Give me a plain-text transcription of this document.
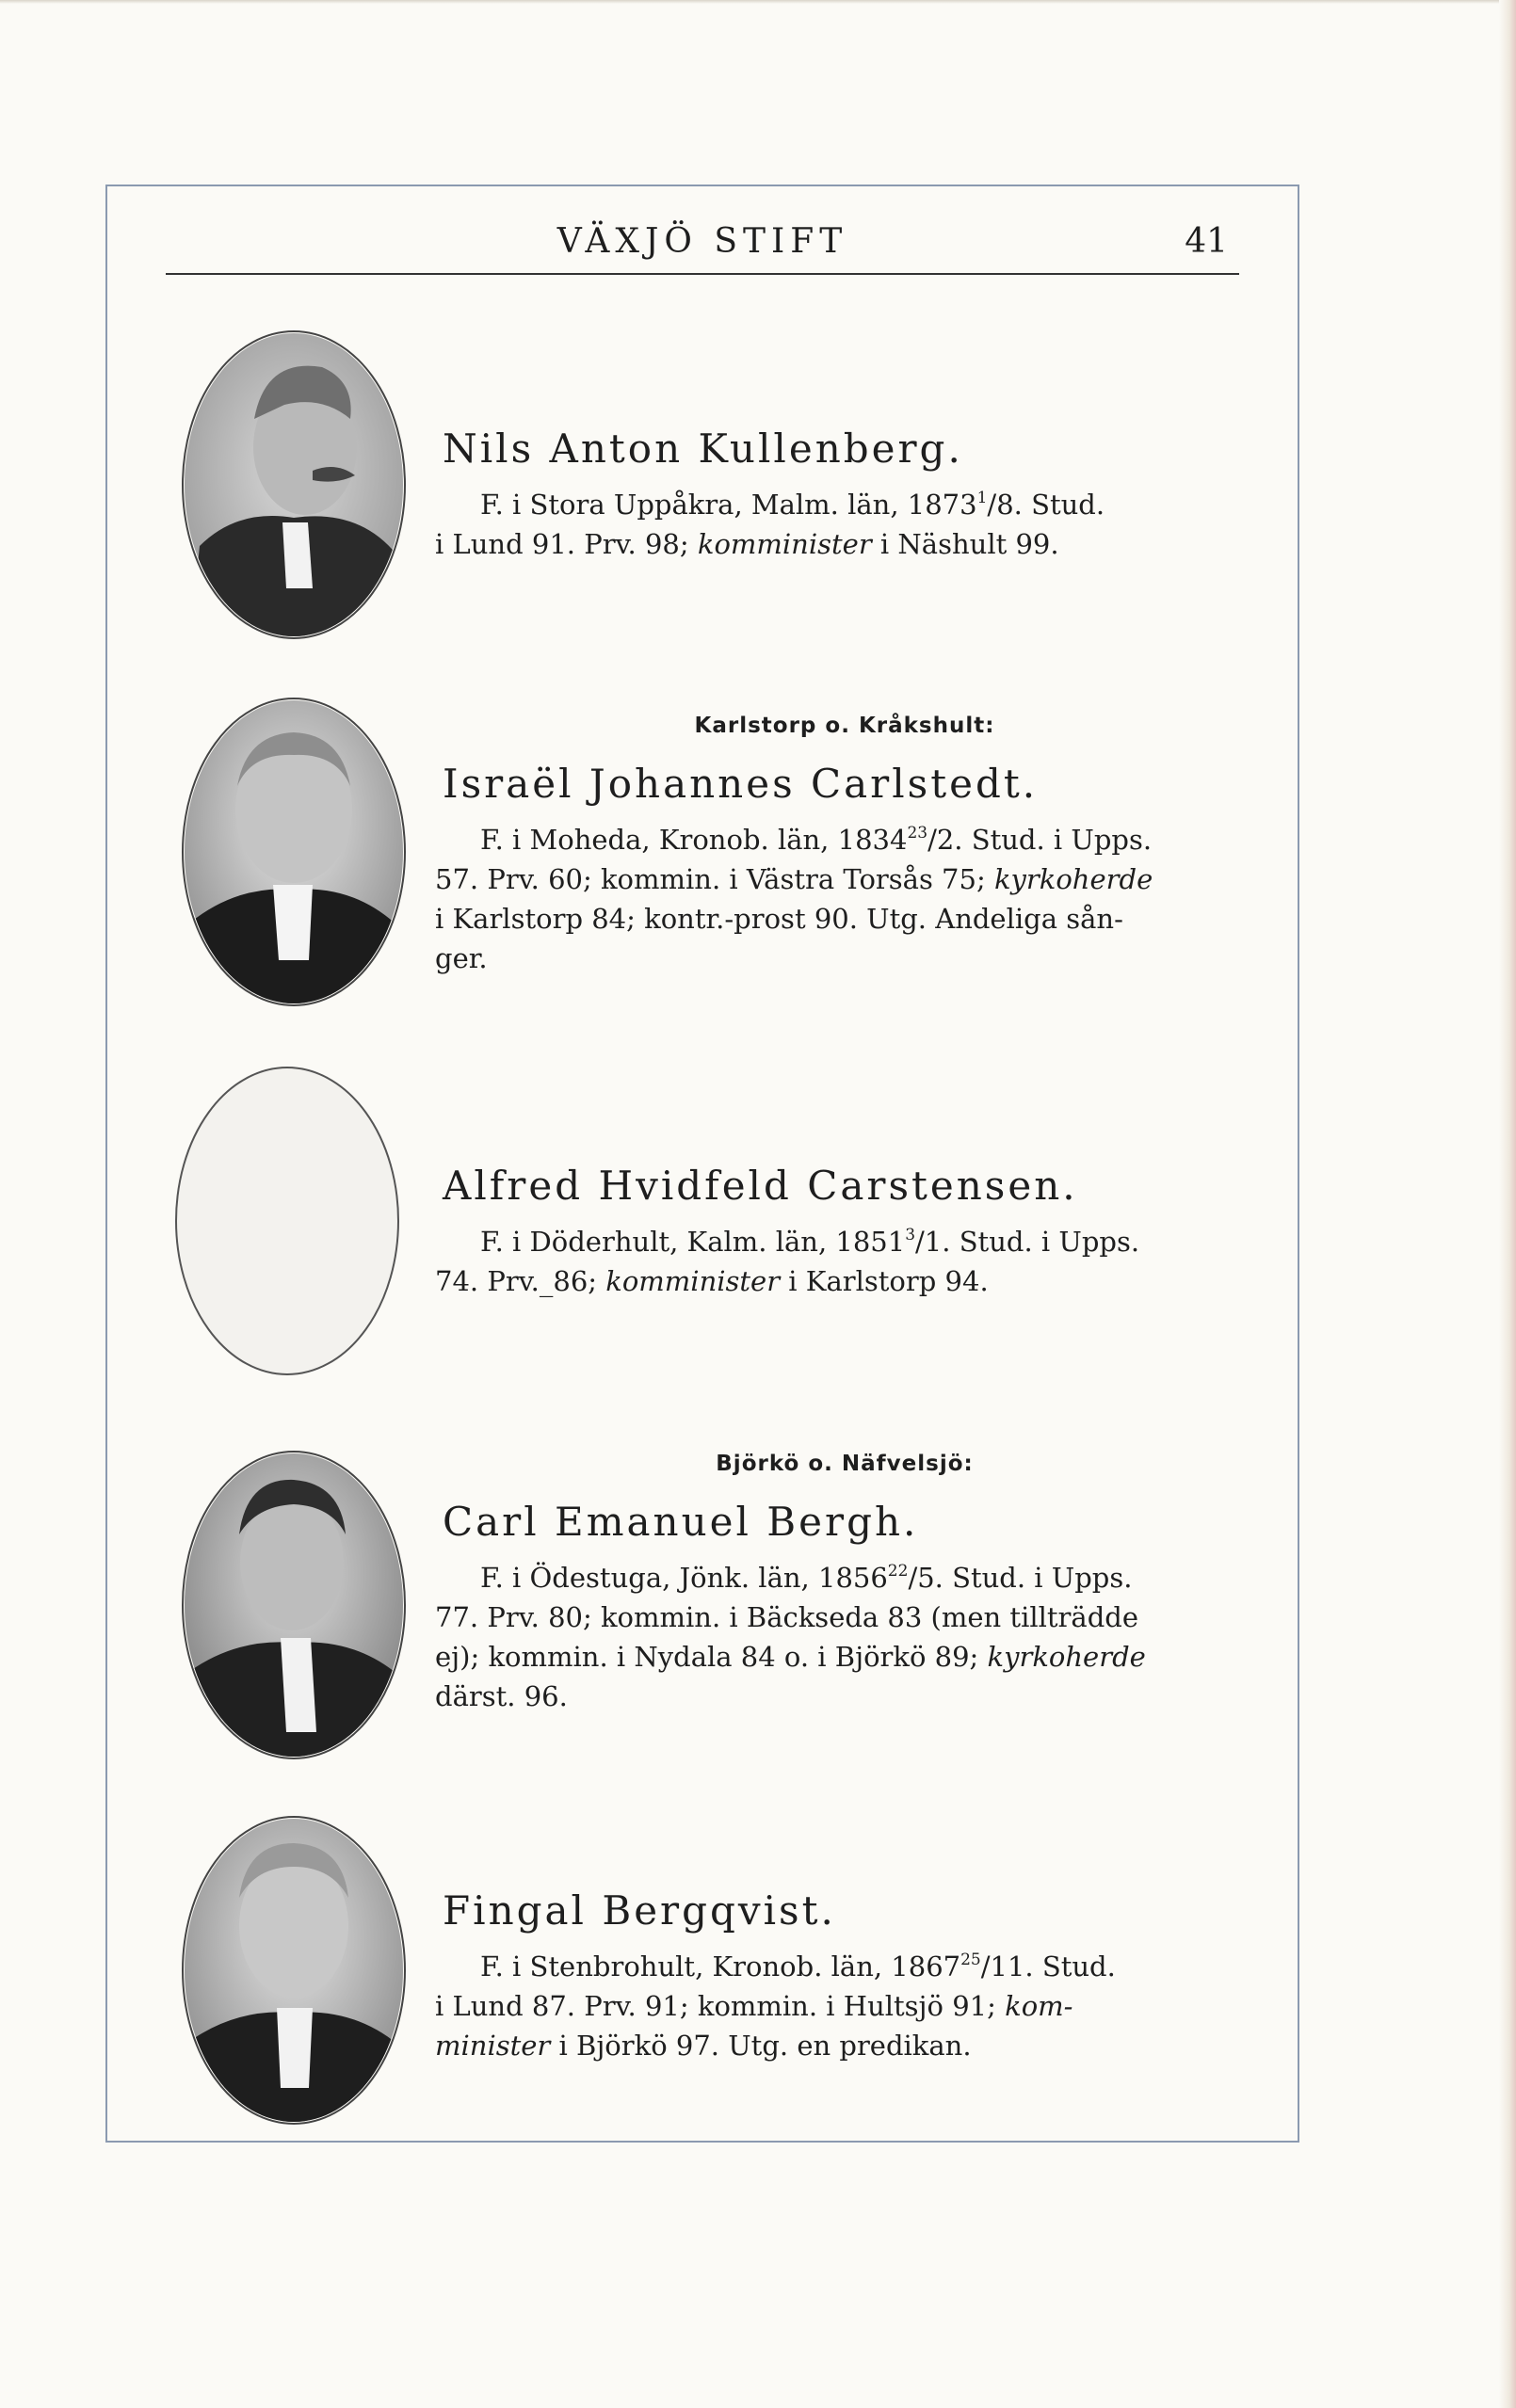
VÄXJÖ STIFT	41
Nils Anton Kullenberg.

F. i Stora Uppåkra, Malm. län, 1873$^1$/8. Stud.
i Lund 91. Prv. 98; komminister i Näshult 99.

Karlstorp o. Kråkshult:
Israël Johannes Carlstedt.

F. i Moheda, Kronob. län, 1834$^{23}$/2. Stud. i Upps.
57. Prv. 60; kommin. i Västra Torsås 75; kyrkoherde
i Karlstorp 84; kontr.-prost 90. Utg. Andeliga sån-
ger.

Alfred Hvidfeld Carstensen.

F. i Döderhult, Kalm. län, 1851$^3$/1. Stud. i Upps.
74. Prv._86; komminister i Karlstorp 94.

Björkö o. Näfvelsjö:
Carl Emanuel Bergh.

F. i Ödestuga, Jönk. län, 1856$^{22}$/5. Stud. i Upps.
77. Prv. 80; kommin. i Bäckseda 83 (men tillträdde
ej); kommin. i Nydala 84 o. i Björkö 89; kyrkoherde
därst. 96.

Fingal Bergqvist.

F. i Stenbrohult, Kronob. län, 1867$^{25}$/11. Stud.
i Lund 87. Prv. 91; kommin. i Hultsjö 91; kom-
minister i Björkö 97. Utg. en predikan.
